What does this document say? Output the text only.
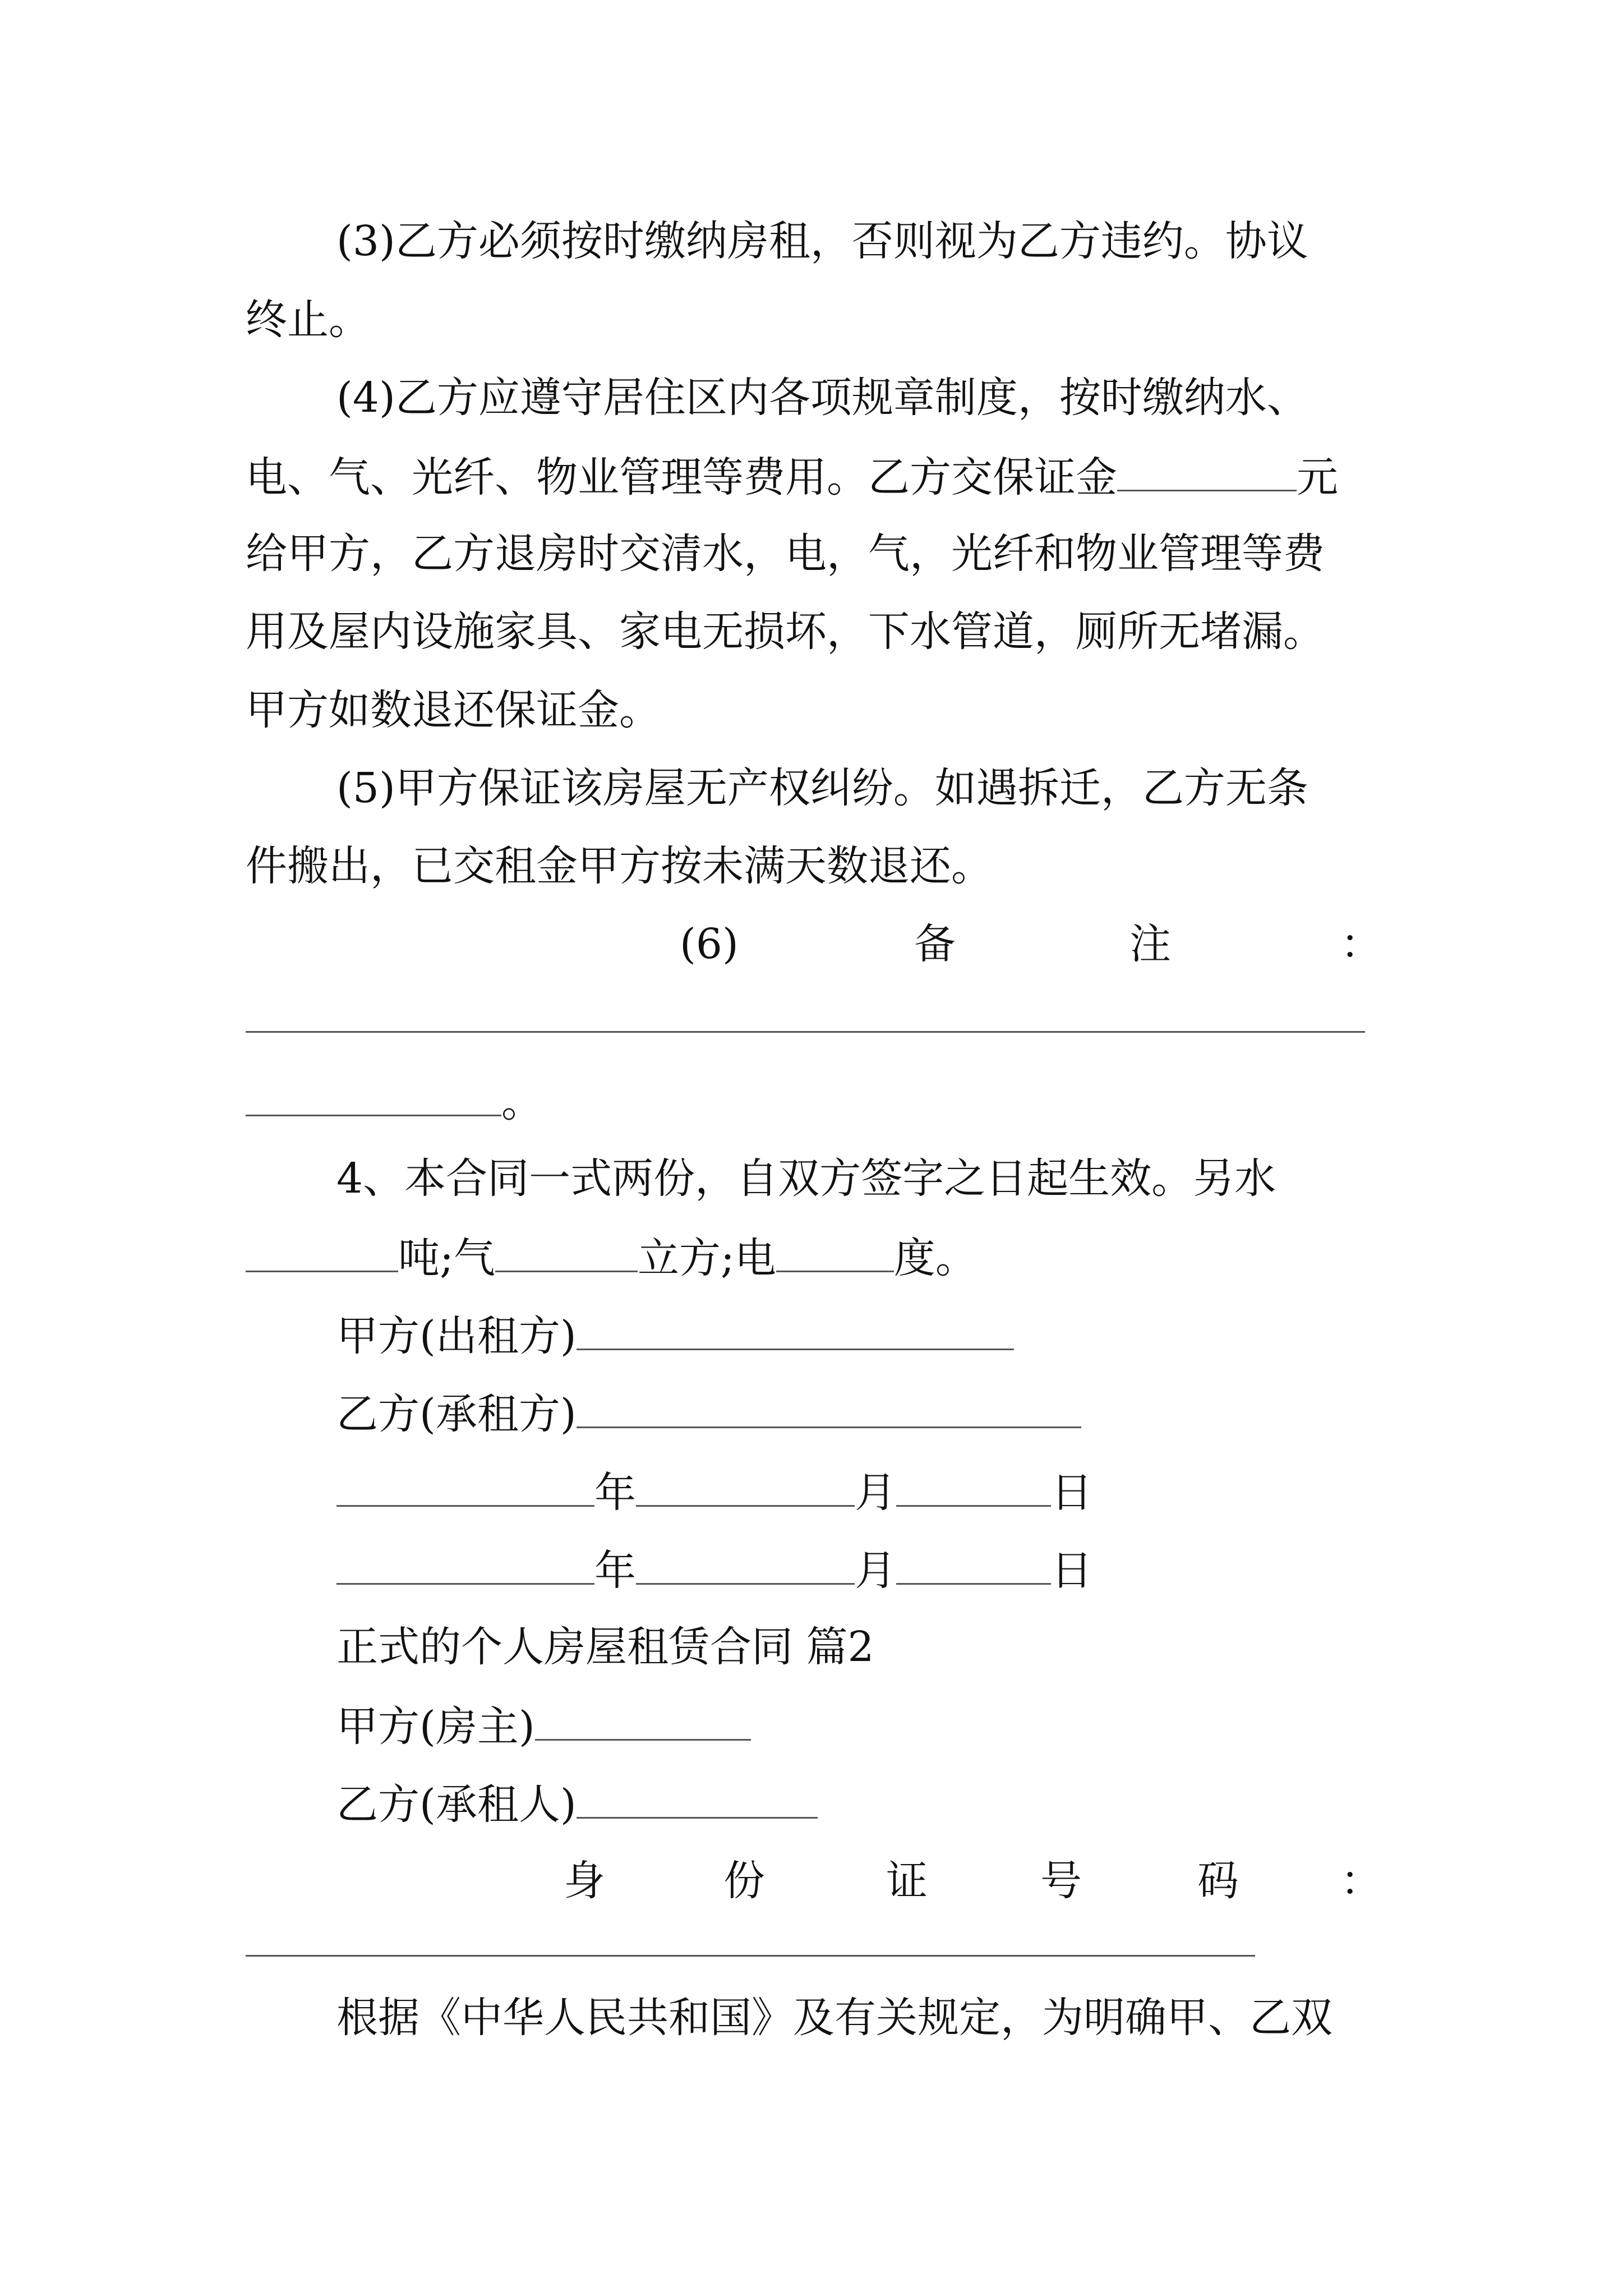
(3)乙方必须按时缴纳房租，否则视为乙方违约。协议
终止。
(4)乙方应遵守居住区内各项规章制度，按时缴纳水、
电、气、光纤、物业管理等费用。乙方交保证金	元
给甲方，乙方退房时交清水，电，气，光纤和物业管理等费
用及屋内设施家具、家电无损坏，下水管道，厕所无堵漏。
甲方如数退还保证金。
(5)甲方保证该房屋无产权纠纷。如遇拆迁，乙方无条
件搬出，已交租金甲方按未满天数退还。
(6)	备	注	：
。
4、本合同一式两份，自双方签字之日起生效。另水
吨;气	立方;电	度。
甲方(出租方)
乙方(承租方)
年	月	日
年	月	日
正式的个人房屋租赁合同 篇2
甲方(房主)
乙方(承租人)
身	份	证	号	码 ：
根据《中华人民共和国》及有关规定，为明确甲、乙双
